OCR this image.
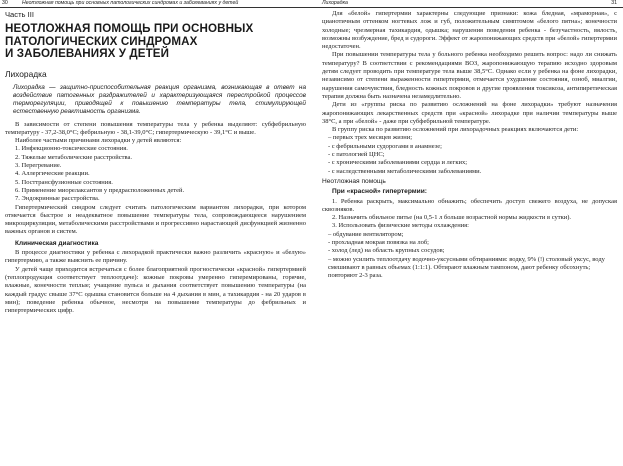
30	Неотложная помощь при основных патологических синдромах и заболеваниях у детей
Часть III
НЕОТЛОЖНАЯ ПОМОЩЬ ПРИ ОСНОВНЫХ
ПАТОЛОГИЧЕСКИХ СИНДРОМАХ
И ЗАБОЛЕВАНИЯХ У ДЕТЕЙ
Лихорадка
Лихорадка — защитно-приспособительная реакция организма, возникающая в ответ на воздействие патогенных раздражителей и характеризующаяся перестройкой процессов терморегуляции, приводящей к повышению температуры тела, стимулирующей естественную реактивность организма.

В зависимости от степени повышения температуры тела у ребенка выделяют: субфебрильную температуру - 37,2-38,0°С; фебрильную - 38,1-39,0°С; гипертермическую - 39,1°С и выше.

Наиболее частыми причинами лихорадки у детей являются:

1. Инфекционно-токсические состояния.
2. Тяжелые метаболические расстройства.
3. Перегревание.
4. Аллергические реакции.
5. Посттрансфузионные состояния.
6. Применение миорелаксантов у предрасположенных детей.
7. Эндокринные расстройства.

Гипертермический синдром следует считать патологическим вариантом лихорадки, при котором отмечается быстрое и неадекватное повышение температуры тела, сопровождающееся нарушением микроциркуляции, метаболическими расстройствами и прогрессивно нарастающей дисфункцией жизненно важных органов и систем.

Клиническая диагностика

В процессе диагностики у ребенка с лихорадкой практически важно различить «красную» и «белую» гипертермию, а также выяснить ее причину.

У детей чаще приходится встречаться с более благоприятной прогностически «красной» гипертермией (теплопродукция соответствует теплоотдаче): кожные покровы умеренно гиперемированы, горячие, влажные, конечности теплые; учащение пульса и дыхания соответствует повышению температуры (на каждый градус свыше 37°С одышка становится больше на 4 дыхания в мин, а тахикардия - на 20 ударов в мин); поведение ребенка обычное, несмотря на повышение температуры до фебрильных и гипертермических цифр.

Лихорадка	31

Для «белой» гипертермии характерны следующие признаки: кожа бледная, «мраморная», с цианотичным оттенком ногтевых лож и губ, положительным симптомом «белого пятна»; конечности холодные; чрезмерная тахикардия, одышка; нарушения поведения ребенка - безучастность, вялость, возможны возбуждение, бред и судороги. Эффект от жаропонижающих средств при «белой» гипертермии недостаточен.

При повышении температуры тела у больного ребенка необходимо решить вопрос: надо ли снижать температуру? В соответствии с рекомендациями ВОЗ, жаропонижающую терапию исходно здоровым детям следует проводить при температуре тела выше 38,5°С. Однако если у ребенка на фоне лихорадки, независимо от степени выраженности гипертермии, отмечается ухудшение состояния, озноб, миалгии, нарушения самочувствия, бледность кожных покровов и другие проявления токсикоза, антипиретическая терапия должна быть назначена незамедлительно.

Дети из «группы риска по развитию осложнений на фоне лихорадки» требуют назначения жаропонижающих лекарственных средств при «красной» лихорадке при наличии температуры выше 38°С, а при «белой» - даже при субфебрильной температуре.

В группу риска по развитию осложнений при лихорадочных реакциях включаются дети:

– первых трех месяцев жизни;
- с фебрильными судорогами в анамнезе;
- с патологией ЦНС;
- с хроническими заболеваниями сердца и легких;
- с наследственными метаболическими заболеваниями.
Неотложная помощь
При «красной» гипертермии:

1. Ребенка раскрыть, максимально обнажить; обеспечить доступ свежего воздуха, не допуская сквозняков.

2. Назначить обильное питье (на 0,5-1 л больше возрастной нормы жидкости в сутки).

3. Использовать физические методы охлаждения:

– обдувание вентилятором;
- прохладная мокрая повязка на лоб;
- холод (лед) на область крупных сосудов;
– можно усилить теплоотдачу водочно-уксусными обтираниями: водку, 9% (!) столовый уксус, воду смешивают в равных объемах (1:1:1). Обтирают влажным тампоном, дают ребенку обсохнуть; повторяют 2-3 раза.
